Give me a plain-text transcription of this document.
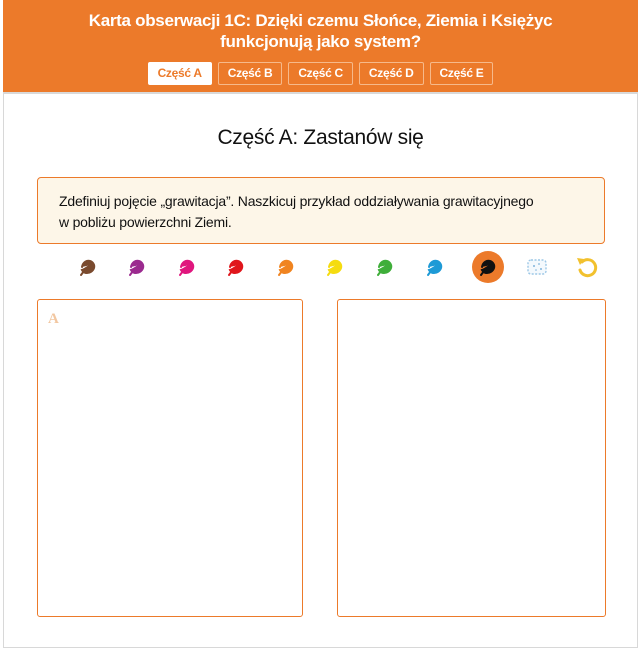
Karta obserwacji 1C: Dzięki czemu Słońce, Ziemia i Księżyc
funkcjonują jako system?
Część A	Część B	Część C	Część D	Część E
Część A: Zastanów się
Zdefiniuj pojęcie „grawitacja”. Naszkicuj przykład oddziaływania grawitacyjnego
w pobliżu powierzchni Ziemi.
A
